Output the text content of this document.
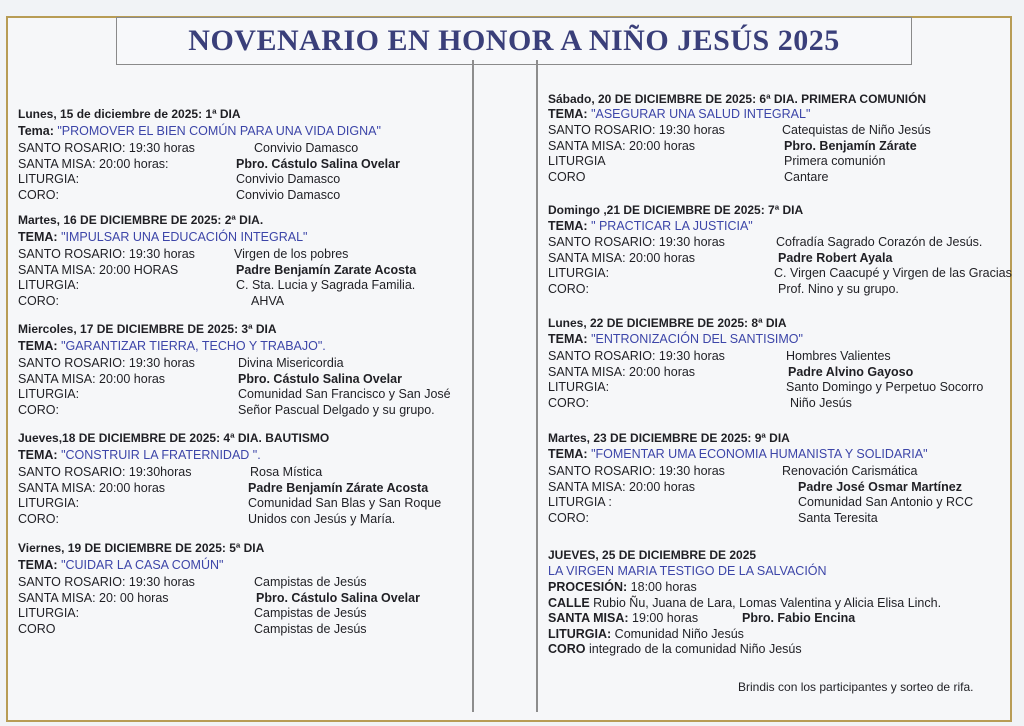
NOVENARIO EN HONOR A NIÑO JESÚS 2025
Lunes, 15 de diciembre de 2025: 1ª DIA
Tema: "PROMOVER EL BIEN COMÚN PARA UNA VIDA DIGNA"
SANTO ROSARIO: 19:30 horas	Convivio Damasco
SANTA MISA: 20:00 horas:	Pbro. Cástulo Salina Ovelar
LITURGIA:	Convivio Damasco
CORO:	Convivio Damasco
Martes, 16 DE DICIEMBRE DE 2025: 2ª DIA.
TEMA: "IMPULSAR UNA EDUCACIÓN INTEGRAL"
SANTO ROSARIO: 19:30 horas	Virgen de los pobres
SANTA MISA: 20:00 HORAS	Padre Benjamín Zarate Acosta
LITURGIA:	C. Sta. Lucia y Sagrada Familia.
CORO:	AHVA
Miercoles, 17 DE DICIEMBRE DE 2025: 3ª DIA
TEMA: "GARANTIZAR TIERRA, TECHO Y TRABAJO".
SANTO ROSARIO: 19:30 horas	Divina Misericordia
SANTA MISA: 20:00 horas	Pbro. Cástulo Salina Ovelar
LITURGIA:	Comunidad San Francisco y San José
CORO:	Señor Pascual Delgado y su grupo.
Jueves,18 DE DICIEMBRE DE 2025: 4ª DIA. BAUTISMO
TEMA: "CONSTRUIR LA FRATERNIDAD ".
SANTO ROSARIO: 19:30horas	Rosa Mística
SANTA MISA: 20:00 horas	Padre Benjamín Zárate Acosta
LITURGIA:	Comunidad San Blas y San Roque
CORO:	Unidos con Jesús y María.
Viernes, 19 DE DICIEMBRE DE 2025: 5ª DIA
TEMA: "CUIDAR LA CASA COMÚN"
SANTO ROSARIO: 19:30 horas	Campistas de Jesús
SANTA MISA: 20: 00 horas	Pbro. Cástulo Salina Ovelar
LITURGIA:	Campistas de Jesús
CORO	Campistas de Jesús
Sábado, 20 DE DICIEMBRE DE 2025: 6ª DIA. PRIMERA COMUNIÓN
TEMA: "ASEGURAR UNA SALUD INTEGRAL"
SANTO ROSARIO: 19:30 horas	Catequistas de Niño Jesús
SANTA MISA: 20:00 horas	Pbro. Benjamín Zárate
LITURGIA	Primera comunión
CORO	Cantare
Domingo ,21 DE DICIEMBRE DE 2025: 7ª DIA
TEMA: " PRACTICAR LA JUSTICIA"
SANTO ROSARIO: 19:30 horas	Cofradía Sagrado Corazón de Jesús.
SANTA MISA: 20:00 horas	Padre Robert Ayala
LITURGIA:	C. Virgen Caacupé y Virgen de las Gracias
CORO:	Prof. Nino y su grupo.
Lunes, 22 DE DICIEMBRE DE 2025: 8ª DIA
TEMA: "ENTRONIZACIÓN DEL SANTISIMO"
SANTO ROSARIO: 19:30 horas	Hombres Valientes
SANTA MISA: 20:00 horas	Padre Alvino Gayoso
LITURGIA:	Santo Domingo y Perpetuo Socorro
CORO:	Niño Jesús
Martes, 23 DE DICIEMBRE DE 2025: 9ª DIA
TEMA: "FOMENTAR UMA ECONOMIA HUMANISTA Y SOLIDARIA"
SANTO ROSARIO: 19:30 horas	Renovación Carismática
SANTA MISA: 20:00 horas	Padre José Osmar Martínez
LITURGIA :	Comunidad San Antonio y RCC
CORO:	Santa Teresita
JUEVES, 25 DE DICIEMBRE DE 2025
LA VIRGEN MARIA TESTIGO DE LA SALVACIÓN
PROCESIÓN: 18:00 horas
CALLE Rubio Ñu, Juana de Lara, Lomas Valentina y Alicia Elisa Linch.
SANTA MISA: 19:00 horas	Pbro. Fabio Encina
LITURGIA: Comunidad Niño Jesús
CORO integrado de la comunidad Niño Jesús
Brindis con los participantes y sorteo de rifa.
